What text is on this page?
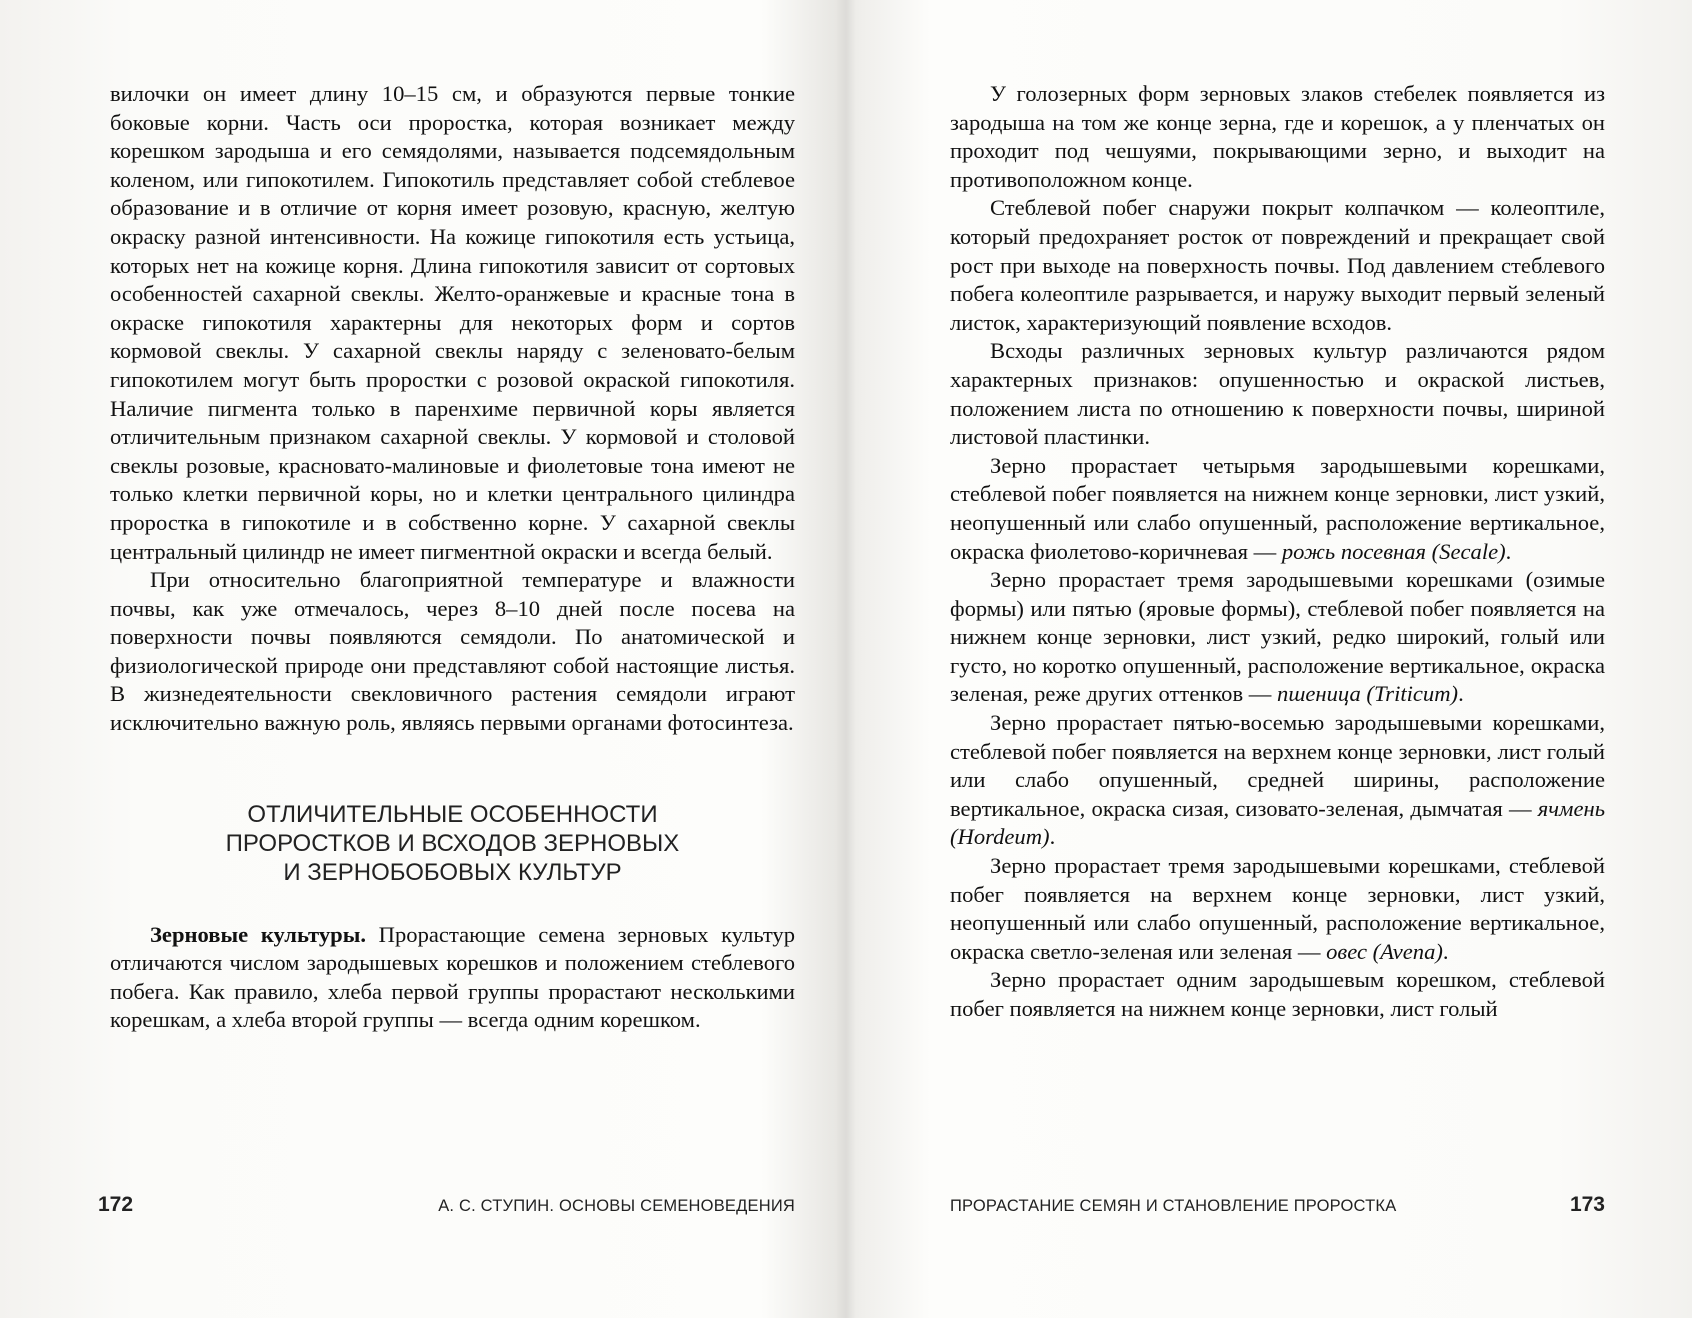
вилочки он имеет длину 10–15 см, и образуются первые тонкие боковые корни. Часть оси проростка, которая возникает между корешком зародыша и его семядолями, называется подсемядольным коленом, или гипокотилем. Гипокотиль представляет собой стеблевое образование и в отличие от корня имеет розовую, красную, желтую окраску разной интенсивности. На кожице гипокотиля есть устьица, которых нет на кожице корня. Длина гипокотиля зависит от сортовых особенностей сахарной свеклы. Желто-оранжевые и красные тона в окраске гипокотиля характерны для некоторых форм и сортов кормовой свеклы. У сахарной свеклы наряду с зеленовато-белым гипокотилем могут быть проростки с розовой окраской гипокотиля. Наличие пигмента только в паренхиме первичной коры является отличительным признаком сахарной свеклы. У кормовой и столовой свеклы розовые, красновато-малиновые и фиолетовые тона имеют не только клетки первичной коры, но и клетки центрального цилиндра проростка в гипокотиле и в собственно корне. У сахарной свеклы центральный цилиндр не имеет пигментной окраски и всегда белый.

При относительно благоприятной температуре и влажности почвы, как уже отмечалось, через 8–10 дней после посева на поверхности почвы появляются семядоли. По анатомической и физиологической природе они представляют собой настоящие листья. В жизнедеятельности свекловичного растения семядоли играют исключительно важную роль, являясь первыми органами фотосинтеза.

ОТЛИЧИТЕЛЬНЫЕ ОСОБЕННОСТИ
ПРОРОСТКОВ И ВСХОДОВ ЗЕРНОВЫХ
И ЗЕРНОБОБОВЫХ КУЛЬТУР

Зерновые культуры. Прорастающие семена зерновых культур отличаются числом зародышевых корешков и положением стеблевого побега. Как правило, хлеба первой группы прорастают несколькими корешкам, а хлеба второй группы — всегда одним корешком.

172	А. С. СТУПИН. ОСНОВЫ СЕМЕНОВЕДЕНИЯ

У голозерных форм зерновых злаков стебелек появляется из зародыша на том же конце зерна, где и корешок, а у пленчатых он проходит под чешуями, покрывающими зерно, и выходит на противоположном конце.

Стеблевой побег снаружи покрыт колпачком — колеоптиле, который предохраняет росток от повреждений и прекращает свой рост при выходе на поверхность почвы. Под давлением стеблевого побега колеоптиле разрывается, и наружу выходит первый зеленый листок, характеризующий появление всходов.

Всходы различных зерновых культур различаются рядом характерных признаков: опушенностью и окраской листьев, положением листа по отношению к поверхности почвы, шириной листовой пластинки.

Зерно прорастает четырьмя зародышевыми корешками, стеблевой побег появляется на нижнем конце зерновки, лист узкий, неопушенный или слабо опушенный, расположение вертикальное, окраска фиолетово-коричневая — рожь посевная (Secale).

Зерно прорастает тремя зародышевыми корешками (озимые формы) или пятью (яровые формы), стеблевой побег появляется на нижнем конце зерновки, лист узкий, редко широкий, голый или густо, но коротко опушенный, расположение вертикальное, окраска зеленая, реже других оттенков — пшеница (Triticum).

Зерно прорастает пятью-восемью зародышевыми корешками, стеблевой побег появляется на верхнем конце зерновки, лист голый или слабо опушенный, средней ширины, расположение вертикальное, окраска сизая, сизовато-зеленая, дымчатая — ячмень (Hordeum).

Зерно прорастает тремя зародышевыми корешками, стеблевой побег появляется на верхнем конце зерновки, лист узкий, неопушенный или слабо опушенный, расположение вертикальное, окраска светло-зеленая или зеленая — овес (Avena).

Зерно прорастает одним зародышевым корешком, стеблевой побег появляется на нижнем конце зерновки, лист голый

ПРОРАСТАНИЕ СЕМЯН И СТАНОВЛЕНИЕ ПРОРОСТКА	173
